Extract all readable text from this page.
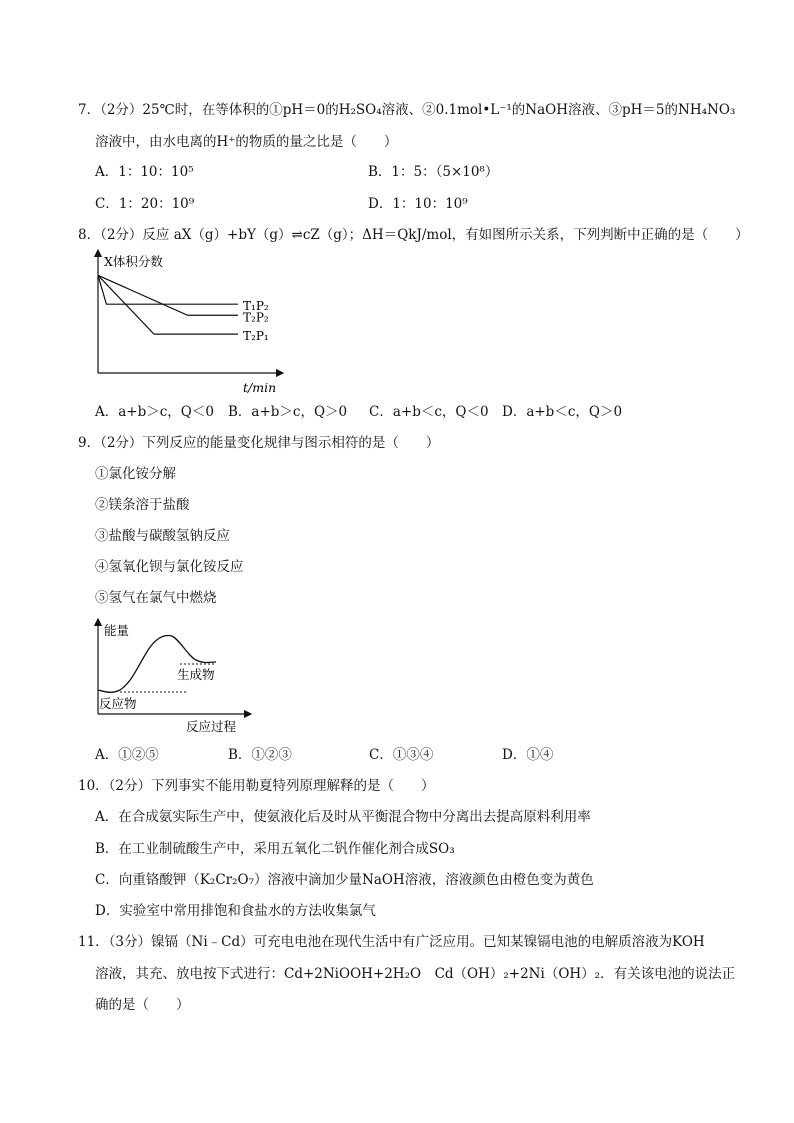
7．（2分）25℃时，在等体积的①pH＝0的H₂SO₄溶液、②0.1mol•L⁻¹的NaOH溶液、③pH＝5的NH₄NO₃
溶液中，由水电离的H⁺的物质的量之比是（　　）
A．1：10：10⁵	B．1：5：（5×10⁸）
C．1：20：10⁹	D．1：10：10⁹
8．（2分）反应 aX（g）+bY（g）⇌cZ（g）；ΔH＝QkJ/mol，有如图所示关系，下列判断中正确的是（　　）
X体积分数
t/min
T₁P₂
T₂P₂
T₂P₁
A．a+b＞c，Q＜0 B．a+b＞c，Q＞0 C．a+b＜c，Q＜0 D．a+b＜c，Q＞0
9．（2分）下列反应的能量变化规律与图示相符的是（　　）
①氯化铵分解
②镁条溶于盐酸
③盐酸与碳酸氢钠反应
④氢氧化钡与氯化铵反应
⑤氢气在氯气中燃烧
能量
生成物
反应物
反应过程
A．①②⑤	B．①②③	C．①③④	D．①④
10．（2分）下列事实不能用勒夏特列原理解释的是（　　）
A．在合成氨实际生产中，使氨液化后及时从平衡混合物中分离出去提高原料利用率
B．在工业制硫酸生产中，采用五氧化二钒作催化剂合成SO₃
C．向重铬酸钾（K₂Cr₂O₇）溶液中滴加少量NaOH溶液，溶液颜色由橙色变为黄色
D．实验室中常用排饱和食盐水的方法收集氯气
11．（3分）镍镉（Ni﹣Cd）可充电电池在现代生活中有广泛应用。已知某镍镉电池的电解质溶液为KOH
溶液，其充、放电按下式进行：Cd+2NiOOH+2H₂O　Cd（OH）₂+2Ni（OH）₂．有关该电池的说法正
确的是（　　）
